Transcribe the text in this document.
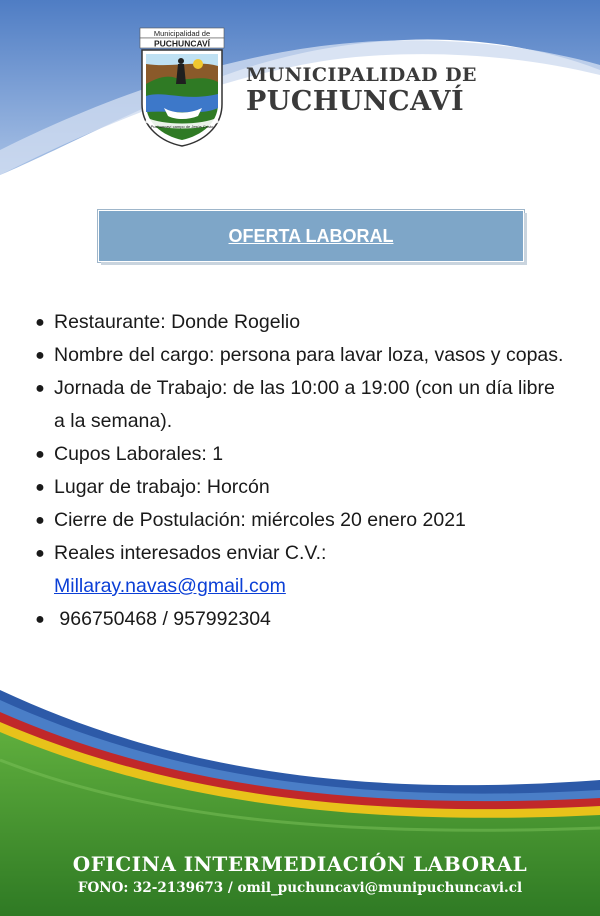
Municipalidad de
PUCHUNCAVÍ
Puchuncaví campo de Jesús Cristo
MUNICIPALIDAD DE
PUCHUNCAVÍ
OFERTA LABORAL
● Restaurante: Donde Rogelio
● Nombre del cargo: persona para lavar loza, vasos y copas.
● Jornada de Trabajo: de las 10:00 a 19:00 (con un día libre a la semana).
● Cupos Laborales: 1
● Lugar de trabajo: Horcón
● Cierre de Postulación: miércoles 20 enero 2021
● Reales interesados enviar C.V.:
Millaray.navas@gmail.com
● 966750468 / 957992304
OFICINA INTERMEDIACIÓN LABORAL
FONO: 32-2139673 / omil_puchuncavi@munipuchuncavi.cl
